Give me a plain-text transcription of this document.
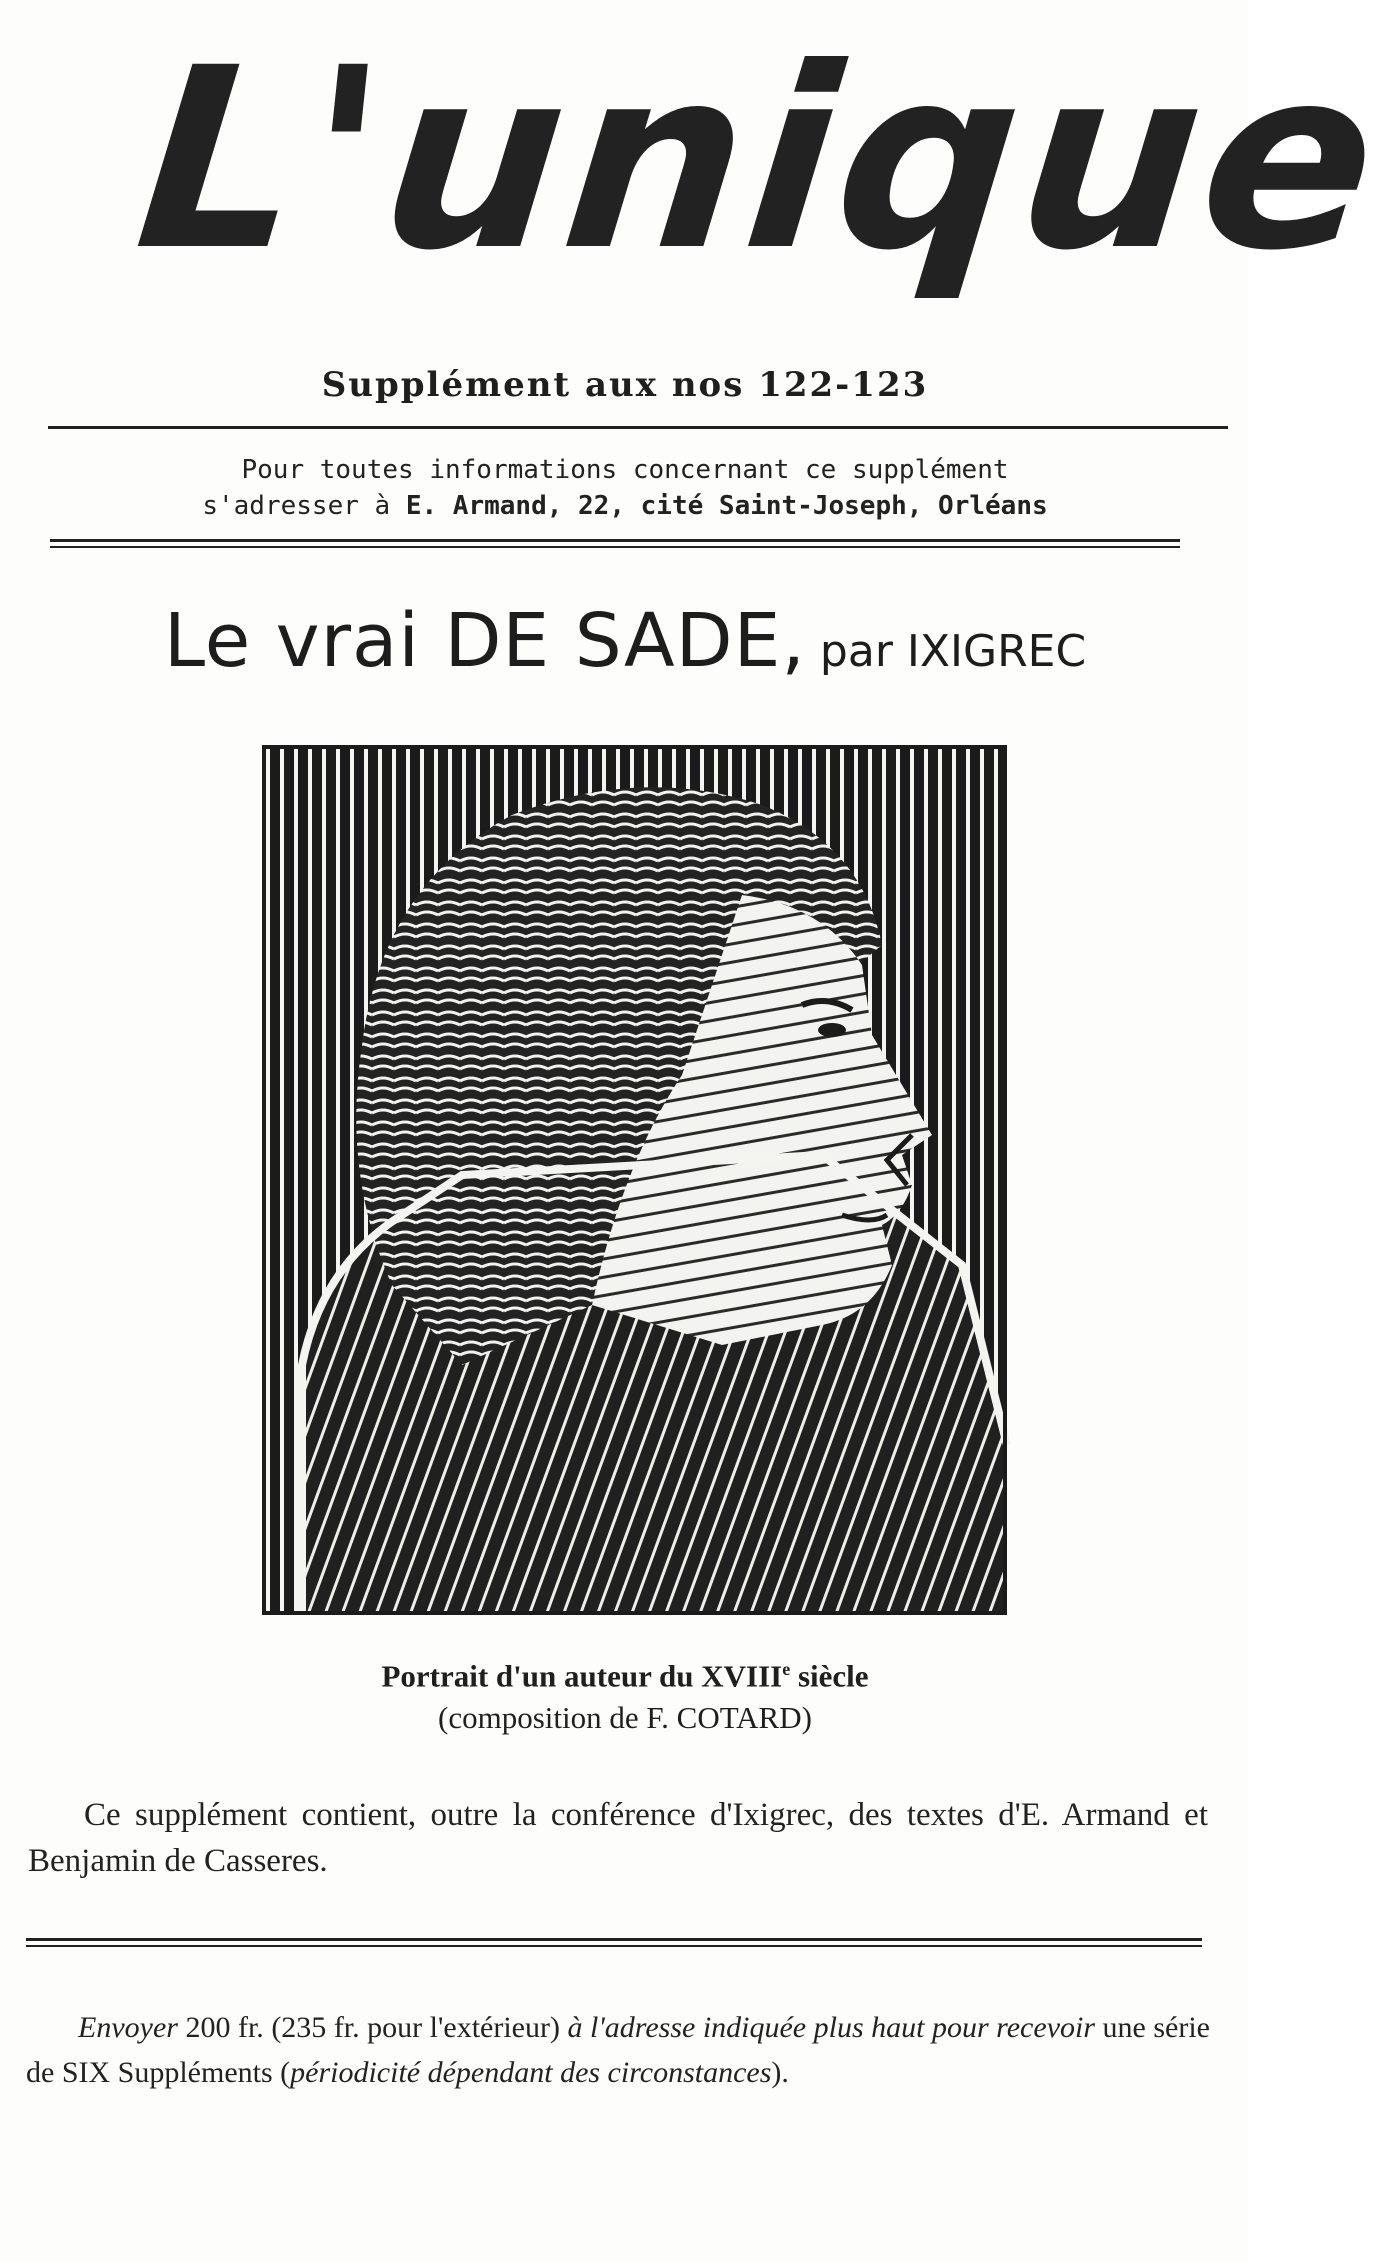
L'unique
Supplément aux nos 122-123
Pour toutes informations concernant ce supplément
s'adresser à E. Armand, 22, cité Saint-Joseph, Orléans
Le vrai DE SADE, par IXIGREC
Portrait d'un auteur du XVIIIe siècle
(composition de F. COTARD)
Ce supplément contient, outre la conférence d'Ixigrec, des textes d'E. Armand et Benjamin de Casseres.
Envoyer 200 fr. (235 fr. pour l'extérieur) à l'adresse indiquée plus haut pour recevoir une série de SIX Suppléments (périodicité dépendant des circonstances).
